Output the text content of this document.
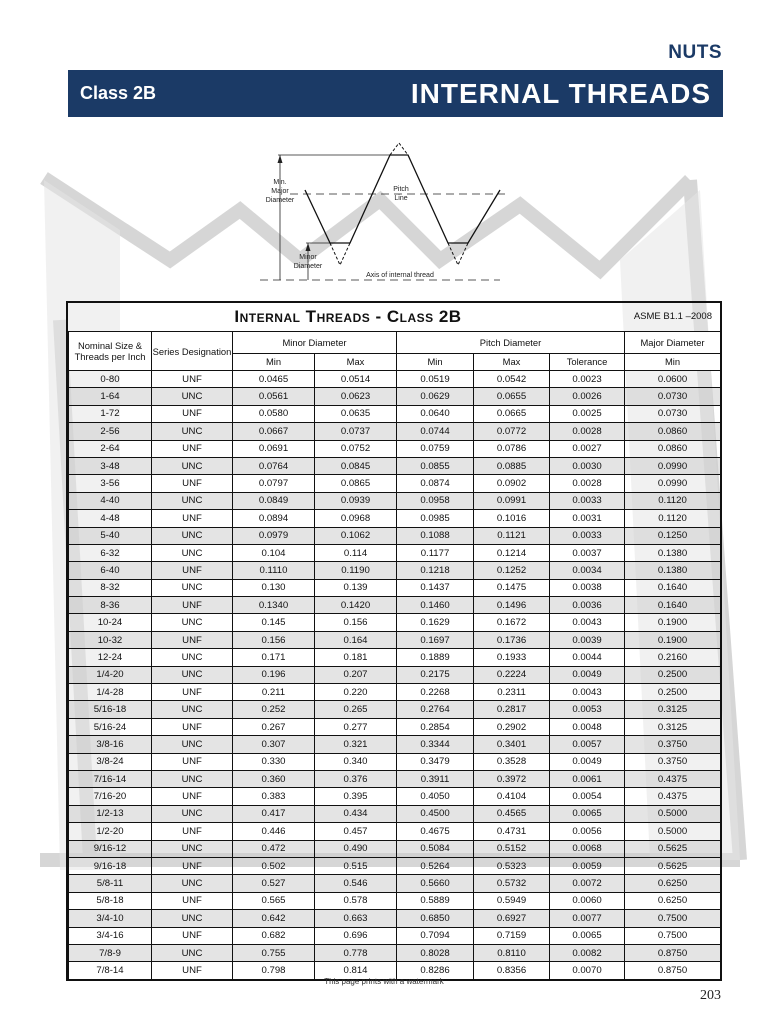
NUTS
Class 2B	INTERNAL THREADS
Min.
Major
Diameter
Pitch
Line
Minor
Diameter
Axis of internal thread
Internal Threads - Class 2B	ASME B1.1 –2008
Nominal Size & Threads per Inch	Series Designation	Minor Diameter		Pitch Diameter			Major Diameter
		Min	Max	Min	Max	Tolerance	Min
0-80	UNF	0.0465	0.0514	0.0519	0.0542	0.0023	0.0600
1-64	UNC	0.0561	0.0623	0.0629	0.0655	0.0026	0.0730
1-72	UNF	0.0580	0.0635	0.0640	0.0665	0.0025	0.0730
2-56	UNC	0.0667	0.0737	0.0744	0.0772	0.0028	0.0860
2-64	UNF	0.0691	0.0752	0.0759	0.0786	0.0027	0.0860
3-48	UNC	0.0764	0.0845	0.0855	0.0885	0.0030	0.0990
3-56	UNF	0.0797	0.0865	0.0874	0.0902	0.0028	0.0990
4-40	UNC	0.0849	0.0939	0.0958	0.0991	0.0033	0.1120
4-48	UNF	0.0894	0.0968	0.0985	0.1016	0.0031	0.1120
5-40	UNC	0.0979	0.1062	0.1088	0.1121	0.0033	0.1250
6-32	UNC	0.104	0.114	0.1177	0.1214	0.0037	0.1380
6-40	UNF	0.1110	0.1190	0.1218	0.1252	0.0034	0.1380
8-32	UNC	0.130	0.139	0.1437	0.1475	0.0038	0.1640
8-36	UNF	0.1340	0.1420	0.1460	0.1496	0.0036	0.1640
10-24	UNC	0.145	0.156	0.1629	0.1672	0.0043	0.1900
10-32	UNF	0.156	0.164	0.1697	0.1736	0.0039	0.1900
12-24	UNC	0.171	0.181	0.1889	0.1933	0.0044	0.2160
1/4-20	UNC	0.196	0.207	0.2175	0.2224	0.0049	0.2500
1/4-28	UNF	0.211	0.220	0.2268	0.2311	0.0043	0.2500
5/16-18	UNC	0.252	0.265	0.2764	0.2817	0.0053	0.3125
5/16-24	UNF	0.267	0.277	0.2854	0.2902	0.0048	0.3125
3/8-16	UNC	0.307	0.321	0.3344	0.3401	0.0057	0.3750
3/8-24	UNF	0.330	0.340	0.3479	0.3528	0.0049	0.3750
7/16-14	UNC	0.360	0.376	0.3911	0.3972	0.0061	0.4375
7/16-20	UNF	0.383	0.395	0.4050	0.4104	0.0054	0.4375
1/2-13	UNC	0.417	0.434	0.4500	0.4565	0.0065	0.5000
1/2-20	UNF	0.446	0.457	0.4675	0.4731	0.0056	0.5000
9/16-12	UNC	0.472	0.490	0.5084	0.5152	0.0068	0.5625
9/16-18	UNF	0.502	0.515	0.5264	0.5323	0.0059	0.5625
5/8-11	UNC	0.527	0.546	0.5660	0.5732	0.0072	0.6250
5/8-18	UNF	0.565	0.578	0.5889	0.5949	0.0060	0.6250
3/4-10	UNC	0.642	0.663	0.6850	0.6927	0.0077	0.7500
3/4-16	UNF	0.682	0.696	0.7094	0.7159	0.0065	0.7500
7/8-9	UNC	0.755	0.778	0.8028	0.8110	0.0082	0.8750
7/8-14	UNF	0.798	0.814	0.8286	0.8356	0.0070	0.8750
This page prints with a watermark
203
